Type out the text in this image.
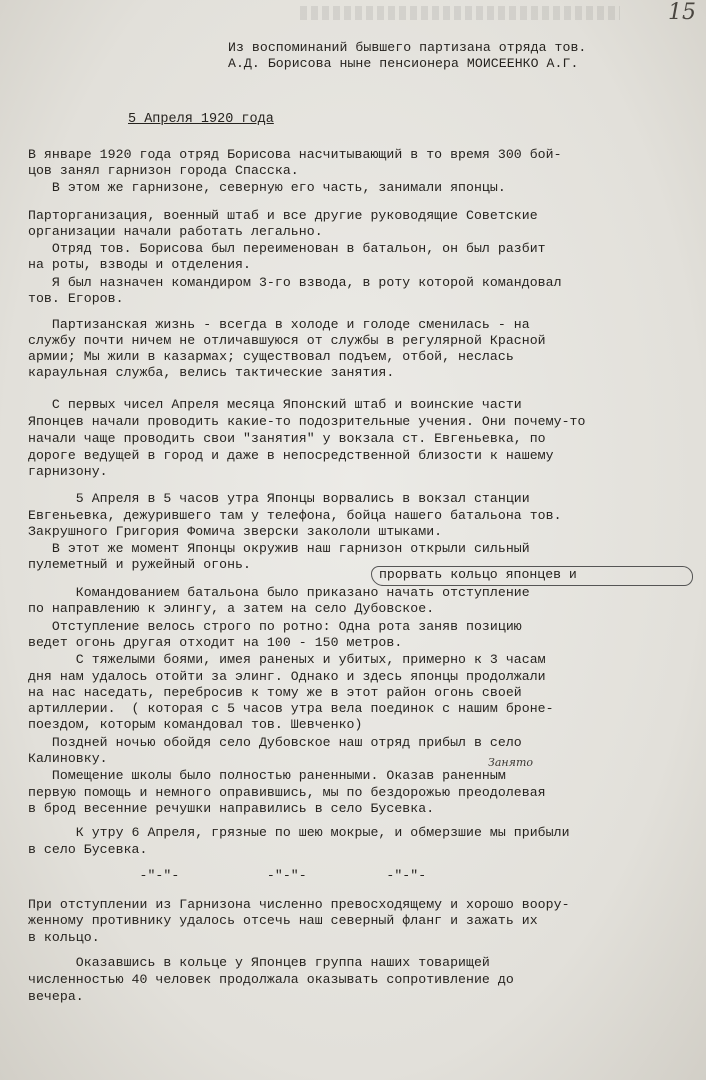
15
Из воспоминаний бывшего партизана отряда тов.
А.Д. Борисова ныне пенсионера МОИСЕЕНКО А.Г.
5 Апреля 1920 года
В январе 1920 года отряд Борисова насчитывающий в то время 300 бой-
цов занял гарнизон города Спасска.
В этом же гарнизоне, северную его часть, занимали японцы.
Парторганизация, военный штаб и все другие руководящие Советские
организации начали работать легально.
Отряд тов. Борисова был переименован в батальон, он был разбит
на роты, взводы и отделения.
Я был назначен командиром 3-го взвода, в роту которой командовал
тов. Егоров.
Партизанская жизнь - всегда в холоде и голоде сменилась - на
службу почти ничем не отличавшуюся от службы в регулярной Красной
армии; Мы жили в казармах; существовал подъем, отбой, неслась
караульная служба, велись тактические занятия.
С первых чисел Апреля месяца Японский штаб и воинские части
Японцев начали проводить какие-то подозрительные учения. Они почему-то
начали чаще проводить свои "занятия" у вокзала ст. Евгеньевка, по
дороге ведущей в город и даже в непосредственной близости к нашему
гарнизону.
5 Апреля в 5 часов утра Японцы ворвались в вокзал станции
Евгеньевка, дежурившего там у телефона, бойца нашего батальона тов.
Закрушного Григория Фомича зверски закололи штыками.
В этот же момент Японцы окружив наш гарнизон открыли сильный
пулеметный и ружейный огонь.
прорвать кольцо японцев и
Командованием батальона было приказано начать отступление
по направлению к элингу, а затем на село Дубовское.
Отступление велось строго по ротно: Одна рота заняв позицию
ведет огонь другая отходит на 100 - 150 метров.
С тяжелыми боями, имея раненых и убитых, примерно к 3 часам
дня нам удалось отойти за элинг. Однако и здесь японцы продолжали
на нас наседать, перебросив к тому же в этот район огонь своей
артиллерии.  ( которая с 5 часов утра вела поединок с нашим броне-
поездом, которым командовал тов. Шевченко)
Поздней ночью обойдя село Дубовское наш отряд прибыл в село
Калиновку.	Занято
Помещение школы было полностью раненными. Оказав раненным
первую помощь и немного оправившись, мы по бездорожью преодолевая
в брод весенние речушки направились в село Бусевка.
К утру 6 Апреля, грязные по шею мокрые, и обмерзшие мы прибыли
в село Бусевка.
-"-"-           -"-"-          -"-"-
При отступлении из Гарнизона численно превосходящему и хорошо воору-
женному противнику удалось отсечь наш северный фланг и зажать их
в кольцо.
Оказавшись в кольце у Японцев группа наших товарищей
численностью 40 человек продолжала оказывать сопротивление до
вечера.
